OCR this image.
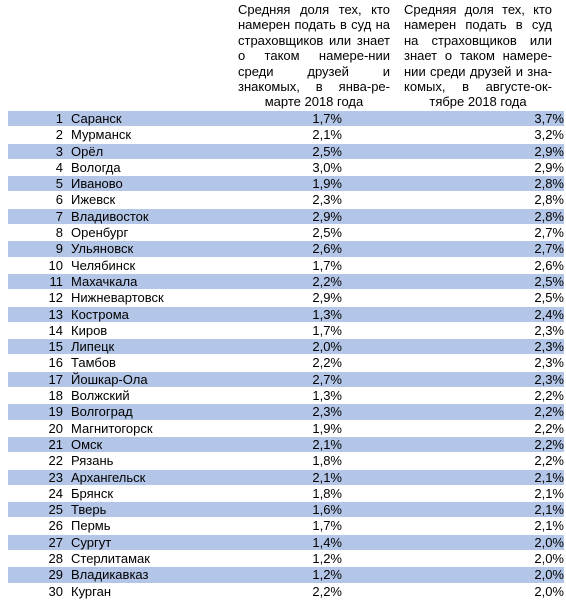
Средняя доля тех, кто намерен подать в суд на страховщиков или знает о таком намере-нии среди друзей и знакомых, в янва-ре-марте 2018 года
Средняя доля тех, кто намерен подать в суд на страховщиков или знает о таком намере-нии среди друзей и зна-комых, в августе-ок-тябре 2018 года
1	Саранск	1,7%	3,7%
2	Мурманск	2,1%	3,2%
3	Орёл	2,5%	2,9%
4	Вологда	3,0%	2,9%
5	Иваново	1,9%	2,8%
6	Ижевск	2,3%	2,8%
7	Владивосток	2,9%	2,8%
8	Оренбург	2,5%	2,7%
9	Ульяновск	2,6%	2,7%
10	Челябинск	1,7%	2,6%
11	Махачкала	2,2%	2,5%
12	Нижневартовск	2,9%	2,5%
13	Кострома	1,3%	2,4%
14	Киров	1,7%	2,3%
15	Липецк	2,0%	2,3%
16	Тамбов	2,2%	2,3%
17	Йошкар-Ола	2,7%	2,3%
18	Волжский	1,3%	2,2%
19	Волгоград	2,3%	2,2%
20	Магнитогорск	1,9%	2,2%
21	Омск	2,1%	2,2%
22	Рязань	1,8%	2,2%
23	Архангельск	2,1%	2,1%
24	Брянск	1,8%	2,1%
25	Тверь	1,6%	2,1%
26	Пермь	1,7%	2,1%
27	Сургут	1,4%	2,0%
28	Стерлитамак	1,2%	2,0%
29	Владикавказ	1,2%	2,0%
30	Курган	2,2%	2,0%
